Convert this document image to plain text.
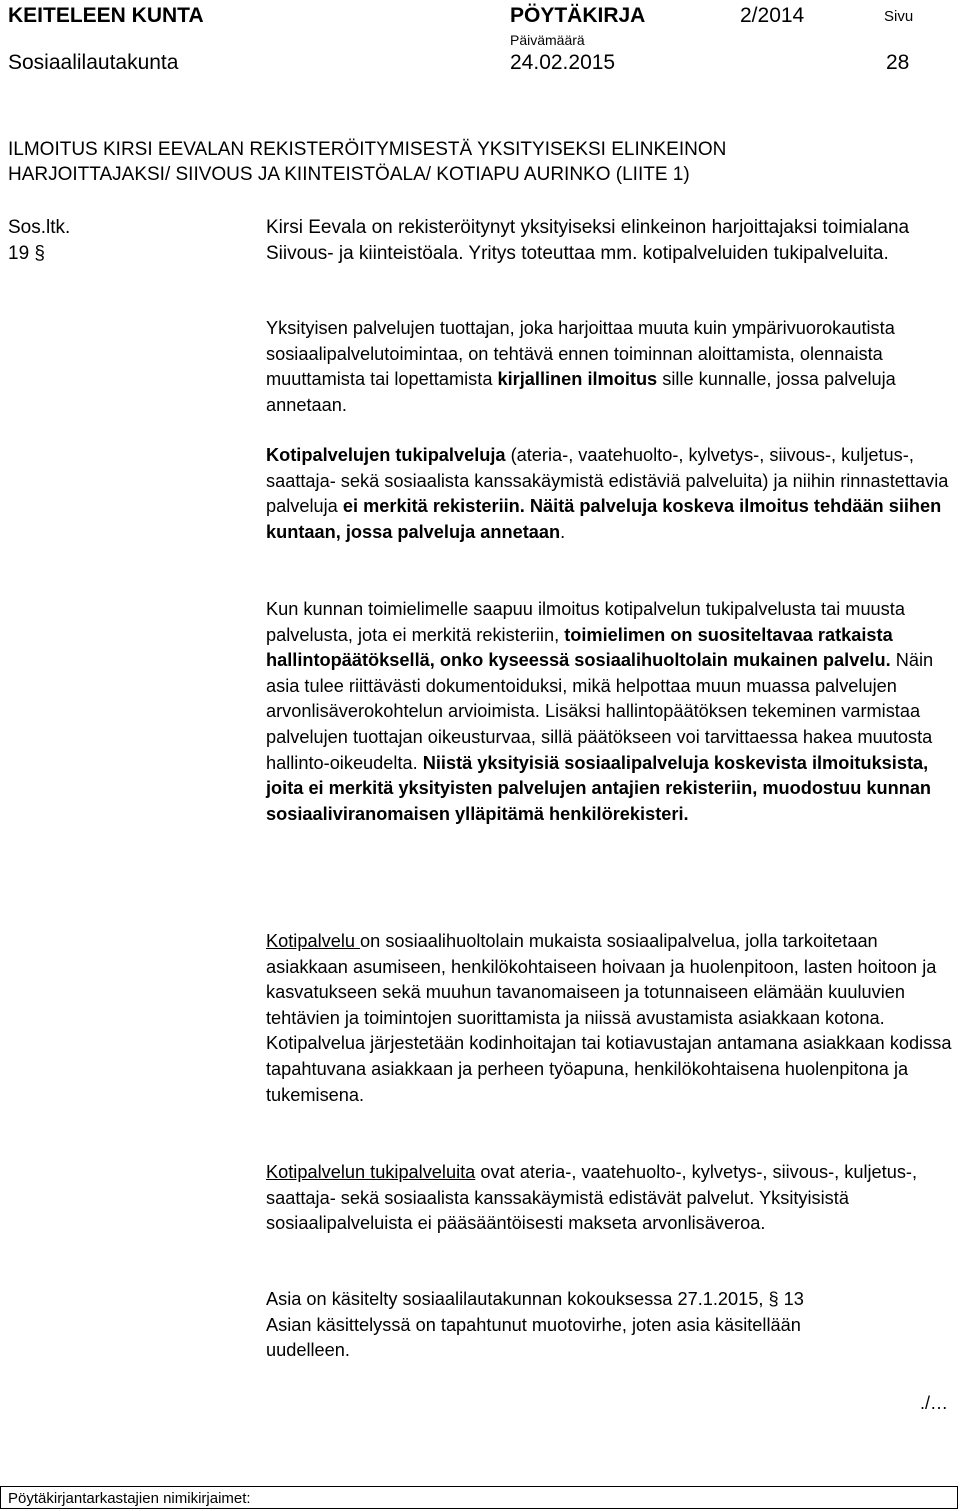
KEITELEEN KUNTA	PÖYTÄKIRJA	2/2014	Sivu
Sosiaalilautakunta
Päivämäärä
24.02.2015	28
ILMOITUS KIRSI EEVALAN REKISTERÖITYMISESTÄ YKSITYISEKSI ELINKEINON
HARJOITTAJAKSI/ SIIVOUS JA KIINTEISTÖALA/ KOTIAPU AURINKO (LIITE 1)
Sos.ltk.
19 §
Kirsi Eevala on rekisteröitynyt yksityiseksi elinkeinon harjoittajaksi toimialana Siivous- ja kiinteistöala. Yritys toteuttaa mm. kotipalveluiden tukipalveluita.
Yksityisen palvelujen tuottajan, joka harjoittaa muuta kuin ympärivuorokautista sosiaalipalvelutoimintaa, on tehtävä ennen toiminnan aloittamista, olennaista muuttamista tai lopettamista kirjallinen ilmoitus sille kunnalle, jossa palveluja annetaan.
Kotipalvelujen tukipalveluja (ateria-, vaatehuolto-, kylvetys-, siivous-, kuljetus-, saattaja- sekä sosiaalista kanssakäymistä edistäviä palveluita) ja niihin rinnastettavia palveluja ei merkitä rekisteriin. Näitä palveluja koskeva ilmoitus tehdään siihen kuntaan, jossa palveluja annetaan.
Kun kunnan toimielimelle saapuu ilmoitus kotipalvelun tukipalvelusta tai muusta palvelusta, jota ei merkitä rekisteriin, toimielimen on suositeltavaa ratkaista hallintopäätöksellä, onko kyseessä sosiaalihuoltolain mukainen palvelu. Näin asia tulee riittävästi dokumentoiduksi, mikä helpottaa muun muassa palvelujen arvonlisäverokohtelun arvioimista. Lisäksi hallintopäätöksen tekeminen varmistaa palvelujen tuottajan oikeusturvaa, sillä päätökseen voi tarvittaessa hakea muutosta hallinto-oikeudelta. Niistä yksityisiä sosiaalipalveluja koskevista ilmoituksista, joita ei merkitä yksityisten palvelujen antajien rekisteriin, muodostuu kunnan sosiaaliviranomaisen ylläpitämä henkilörekisteri.
Kotipalvelu on sosiaalihuoltolain mukaista sosiaalipalvelua, jolla tarkoitetaan asiakkaan asumiseen, henkilökohtaiseen hoivaan ja huolenpitoon, lasten hoitoon ja kasvatukseen sekä muuhun tavanomaiseen ja totunnaiseen elämään kuuluvien tehtävien ja toimintojen suorittamista ja niissä avustamista asiakkaan kotona. Kotipalvelua järjestetään kodinhoitajan tai kotiavustajan antamana asiakkaan kodissa tapahtuvana asiakkaan ja perheen työapuna, henkilökohtaisena huolenpitona ja tukemisena.
Kotipalvelun tukipalveluita ovat ateria-, vaatehuolto-, kylvetys-, siivous-, kuljetus-, saattaja- sekä sosiaalista kanssakäymistä edistävät palvelut. Yksityisistä sosiaalipalveluista ei pääsääntöisesti makseta arvonlisäveroa.
Asia on käsitelty sosiaalilautakunnan kokouksessa 27.1.2015, § 13
Asian käsittelyssä on tapahtunut muotovirhe, joten asia käsitellään
uudelleen.
./…
Pöytäkirjantarkastajien nimikirjaimet:
